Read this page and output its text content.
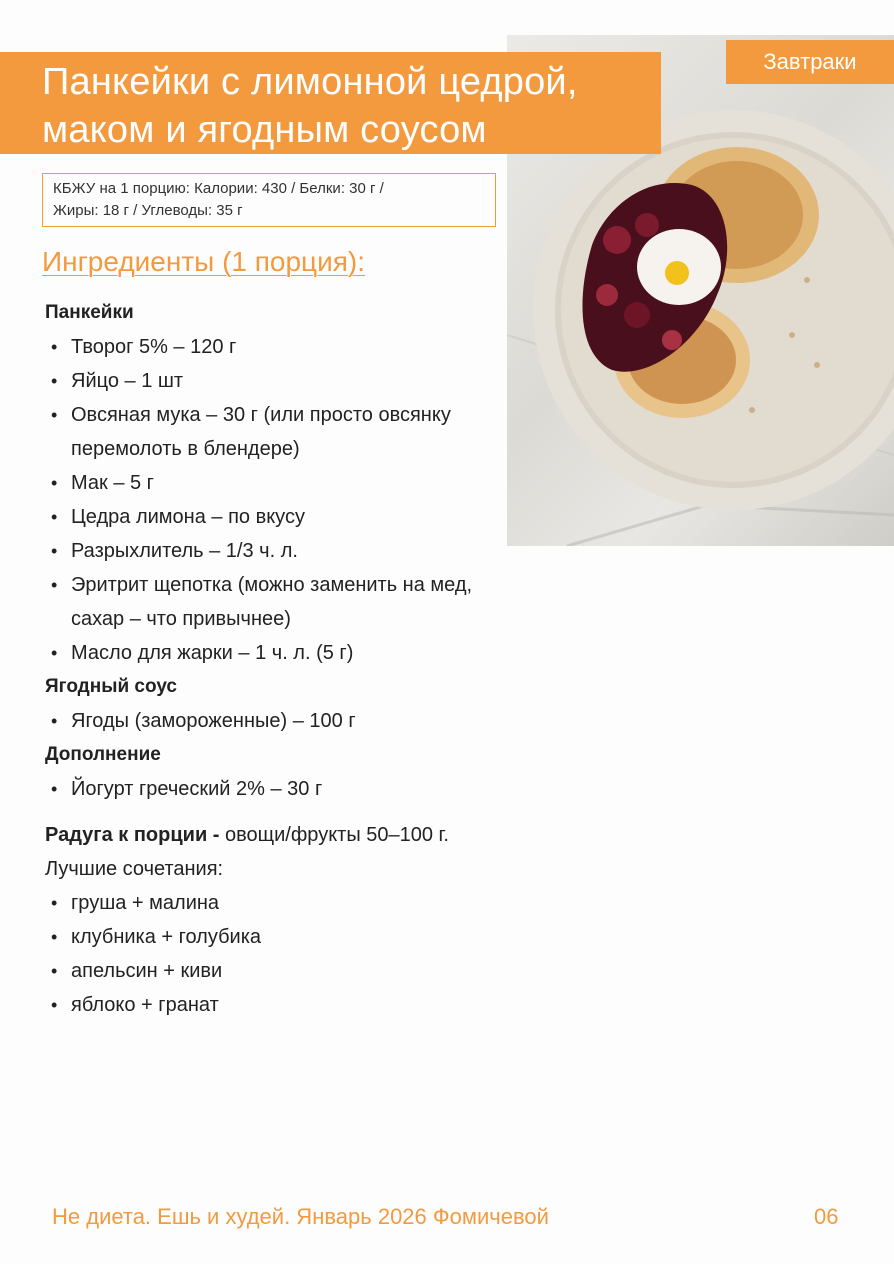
Панкейки с лимонной цедрой,
маком и ягодным соусом
Завтраки
КБЖУ на 1 порцию: Калории: 430 / Белки: 30 г /
Жиры: 18 г / Углеводы: 35 г
Ингредиенты (1 порция):
Панкейки
• Творог 5% – 120 г
• Яйцо – 1 шт
• Овсяная мука – 30 г (или просто овсянку перемолоть в блендере)
• Мак – 5 г
• Цедра лимона – по вкусу
• Разрыхлитель – 1/3 ч. л.
• Эритрит щепотка (можно заменить на мед, сахар – что привычнее)
• Масло для жарки – 1 ч. л. (5 г)
Ягодный соус
• Ягоды (замороженные) – 100 г
Дополнение
• Йогурт греческий 2% – 30 г
Радуга к порции - овощи/фрукты 50–100 г.
Лучшие сочетания:
• груша + малина
• клубника + голубика
• апельсин + киви
• яблоко + гранат
Не диета. Ешь и худей. Январь 2026 Фомичевой	06
